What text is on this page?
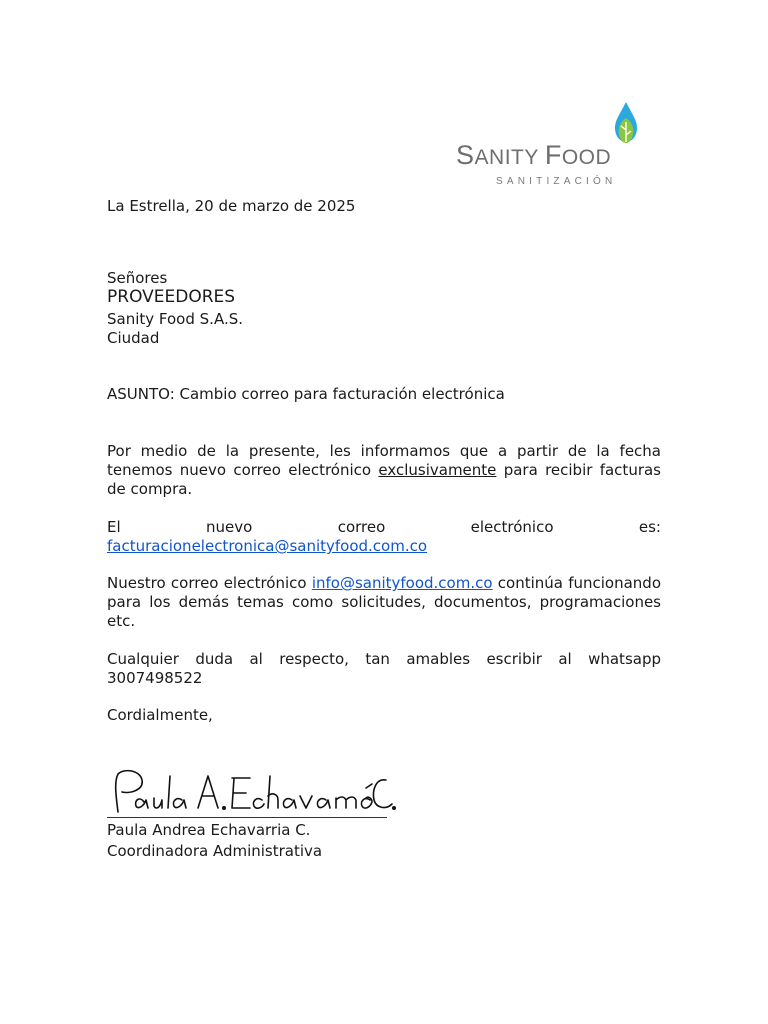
SANITY FOOD
SANITIZACIÓN
La Estrella, 20 de marzo de 2025
Señores
PROVEEDORES
Sanity Food S.A.S.
Ciudad
ASUNTO: Cambio correo para facturación electrónica
Por medio de la presente, les informamos que a partir de la fecha tenemos nuevo correo electrónico exclusivamente para recibir facturas de compra.
El nuevo correo electrónico es:
facturacionelectronica@sanityfood.com.co
Nuestro correo electrónico info@sanityfood.com.co continúa funcionando para los demás temas como solicitudes, documentos, programaciones etc.
Cualquier duda al respecto, tan amables escribir al whatsapp 3007498522
Cordialmente,
Paula Andrea Echavarria C.
Coordinadora Administrativa
